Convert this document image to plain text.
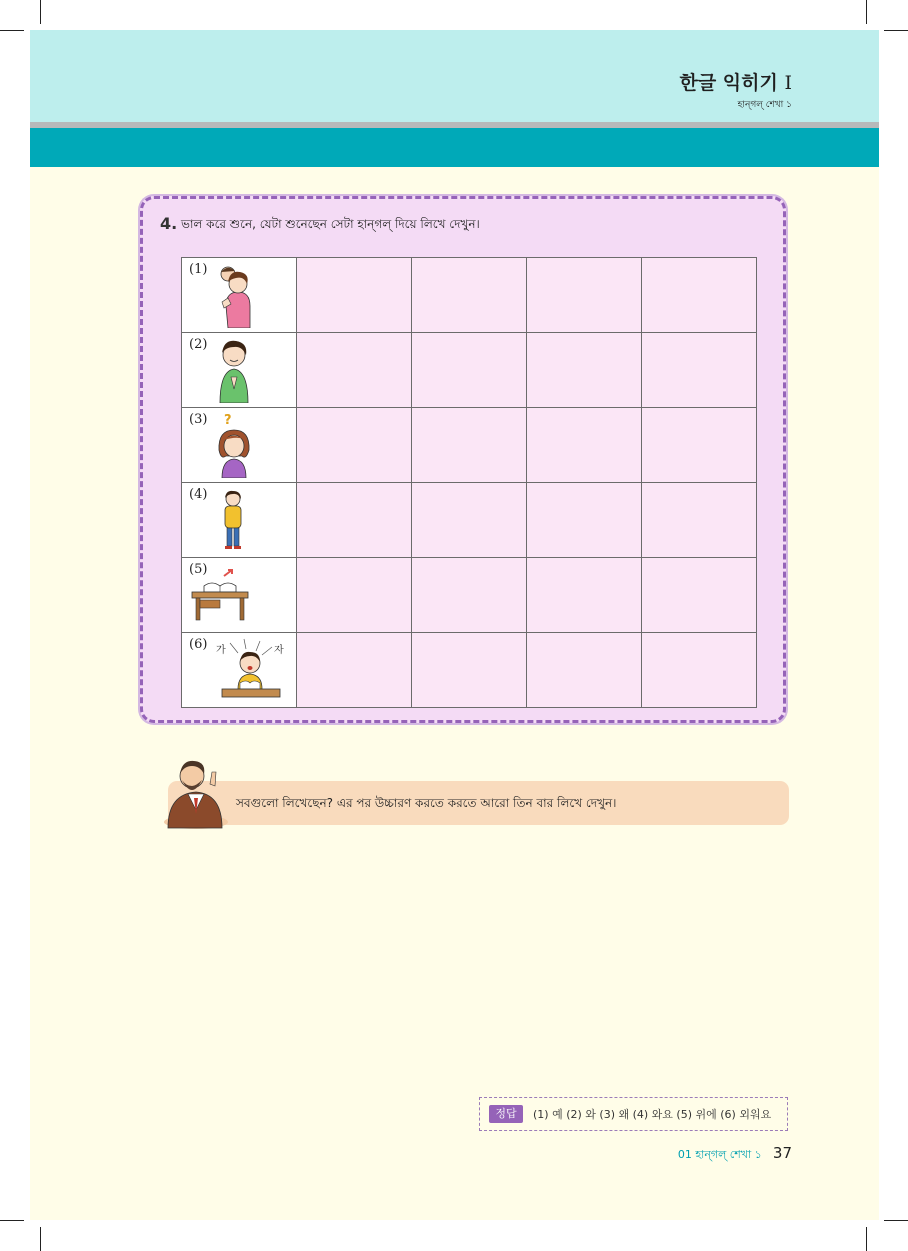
한글 익히기 I
হান্গল্ শেখা ১
4. ভাল করে শুনে, যেটা শুনেছেন সেটা হান্গল্ দিয়ে লিখে দেখুন।
(1)				

(2)				

(3) ?				

(4)				

(5)				

(6) 가 자				

সবগুলো লিখেছেন? এর পর উচ্চারণ করতে করতে আরো তিন বার লিখে দেখুন।
정답	(1) 예 (2) 와 (3) 왜 (4) 와요 (5) 위에 (6) 외워요
01 হান্গল্ শেখা ১ 37
